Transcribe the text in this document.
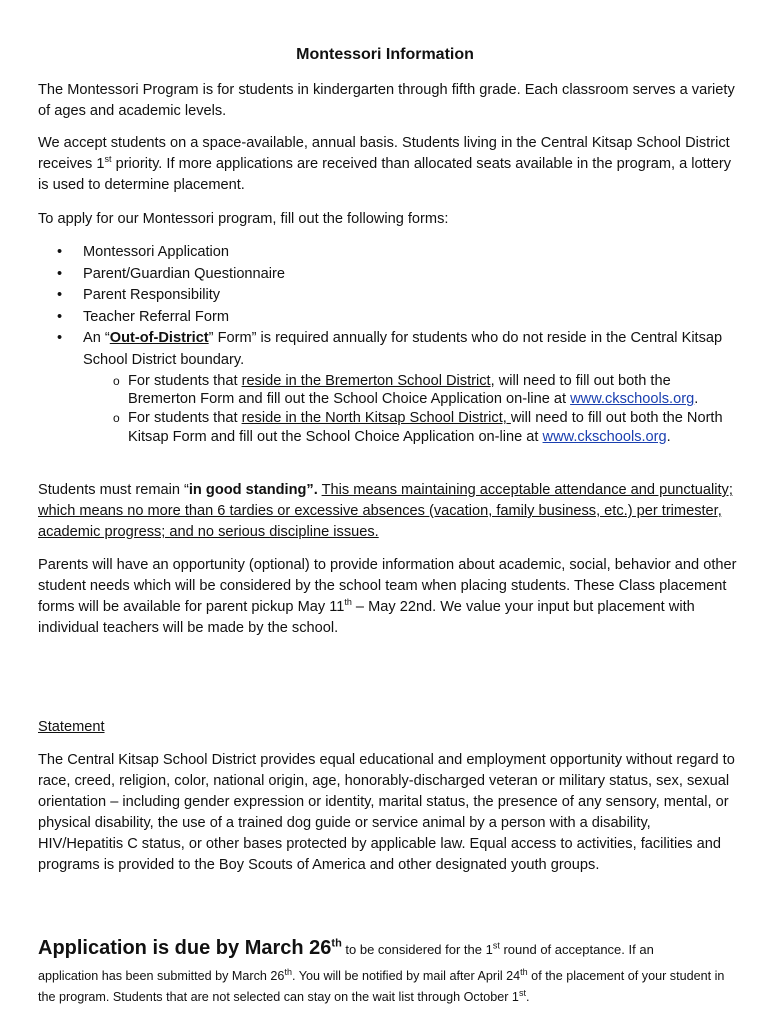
Montessori Information

The Montessori Program is for students in kindergarten through fifth grade. Each classroom serves a variety of ages and academic levels.

We accept students on a space-available, annual basis. Students living in the Central Kitsap School District receives 1st priority. If more applications are received than allocated seats available in the program, a lottery is used to determine placement.

To apply for our Montessori program, fill out the following forms:

• Montessori Application
• Parent/Guardian Questionnaire
• Parent Responsibility
• Teacher Referral Form
• An “Out-of-District” Form” is required annually for students who do not reside in the Central Kitsap School District boundary.
o For students that reside in the Bremerton School District, will need to fill out both the Bremerton Form and fill out the School Choice Application on-line at www.ckschools.org.
o For students that reside in the North Kitsap School District, will need to fill out both the North Kitsap Form and fill out the School Choice Application on-line at www.ckschools.org.

Students must remain “in good standing”. This means maintaining acceptable attendance and punctuality; which means no more than 6 tardies or excessive absences (vacation, family business, etc.) per trimester, academic progress; and no serious discipline issues.

Parents will have an opportunity (optional) to provide information about academic, social, behavior and other student needs which will be considered by the school team when placing students. These Class placement forms will be available for parent pickup May 11th – May 22nd. We value your input but placement with individual teachers will be made by the school.

Statement

The Central Kitsap School District provides equal educational and employment opportunity without regard to race, creed, religion, color, national origin, age, honorably-discharged veteran or military status, sex, sexual orientation – including gender expression or identity, marital status, the presence of any sensory, mental, or physical disability, the use of a trained dog guide or service animal by a person with a disability, HIV/Hepatitis C status, or other bases protected by applicable law. Equal access to activities, facilities and programs is provided to the Boy Scouts of America and other designated youth groups.

Application is due by March 26th to be considered for the 1st round of acceptance. If an
application has been submitted by March 26th. You will be notified by mail after April 24th of the placement of your student in the program. Students that are not selected can stay on the wait list through October 1st.
